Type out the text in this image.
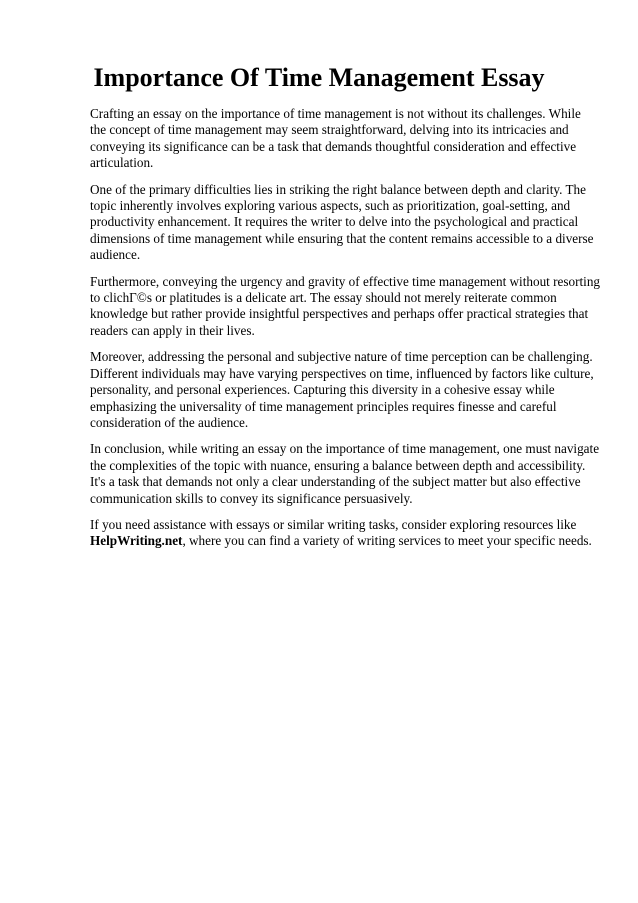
Importance Of Time Management Essay

Crafting an essay on the importance of time management is not without its challenges. While the concept of time management may seem straightforward, delving into its intricacies and conveying its significance can be a task that demands thoughtful consideration and effective articulation.

One of the primary difficulties lies in striking the right balance between depth and clarity. The topic inherently involves exploring various aspects, such as prioritization, goal-setting, and productivity enhancement. It requires the writer to delve into the psychological and practical dimensions of time management while ensuring that the content remains accessible to a diverse audience.

Furthermore, conveying the urgency and gravity of effective time management without resorting to clichГ©s or platitudes is a delicate art. The essay should not merely reiterate common knowledge but rather provide insightful perspectives and perhaps offer practical strategies that readers can apply in their lives.

Moreover, addressing the personal and subjective nature of time perception can be challenging. Different individuals may have varying perspectives on time, influenced by factors like culture, personality, and personal experiences. Capturing this diversity in a cohesive essay while emphasizing the universality of time management principles requires finesse and careful consideration of the audience.

In conclusion, while writing an essay on the importance of time management, one must navigate the complexities of the topic with nuance, ensuring a balance between depth and accessibility. It's a task that demands not only a clear understanding of the subject matter but also effective communication skills to convey its significance persuasively.

If you need assistance with essays or similar writing tasks, consider exploring resources like HelpWriting.net, where you can find a variety of writing services to meet your specific needs.
